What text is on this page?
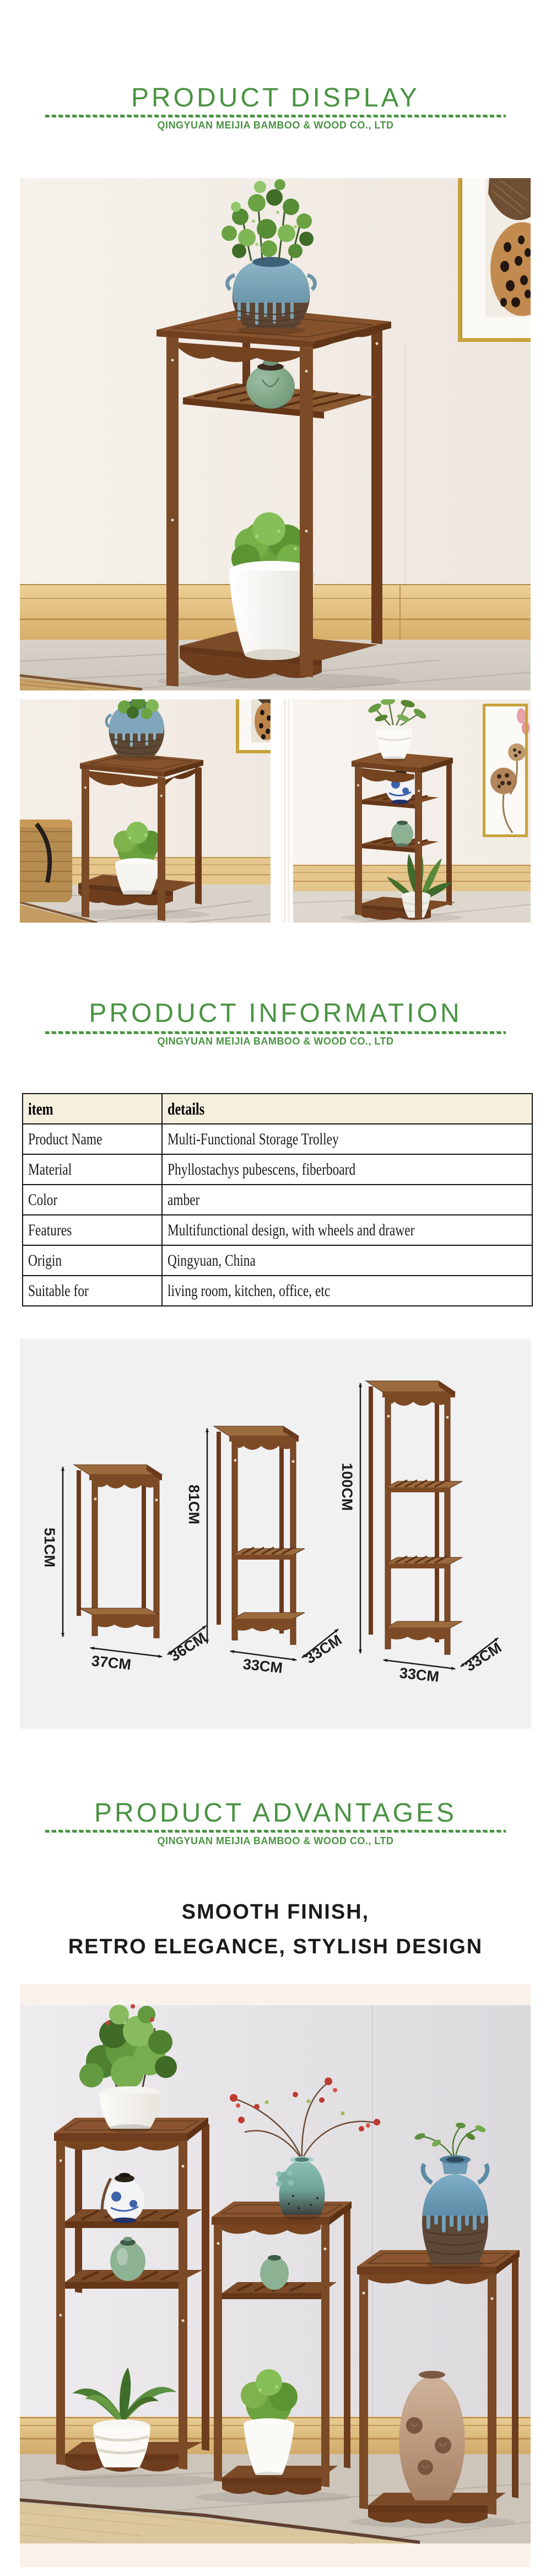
PRODUCT DISPLAY
QINGYUAN MEIJIA BAMBOO & WOOD CO., LTD
PRODUCT INFORMATION
QINGYUAN MEIJIA BAMBOO & WOOD CO., LTD
item	details
Product Name	Multi-Functional Storage Trolley
Material	Phyllostachys pubescens, fiberboard
Color	amber
Features	Multifunctional design, with wheels and drawer
Origin	Qingyuan, China
Suitable for	living room, kitchen, office, etc
51CM
37CM 36CM
81CM
33CM 33CM
100CM
33CM
33CM
PRODUCT ADVANTAGES
QINGYUAN MEIJIA BAMBOO & WOOD CO., LTD
SMOOTH FINISH,
RETRO ELEGANCE, STYLISH DESIGN
